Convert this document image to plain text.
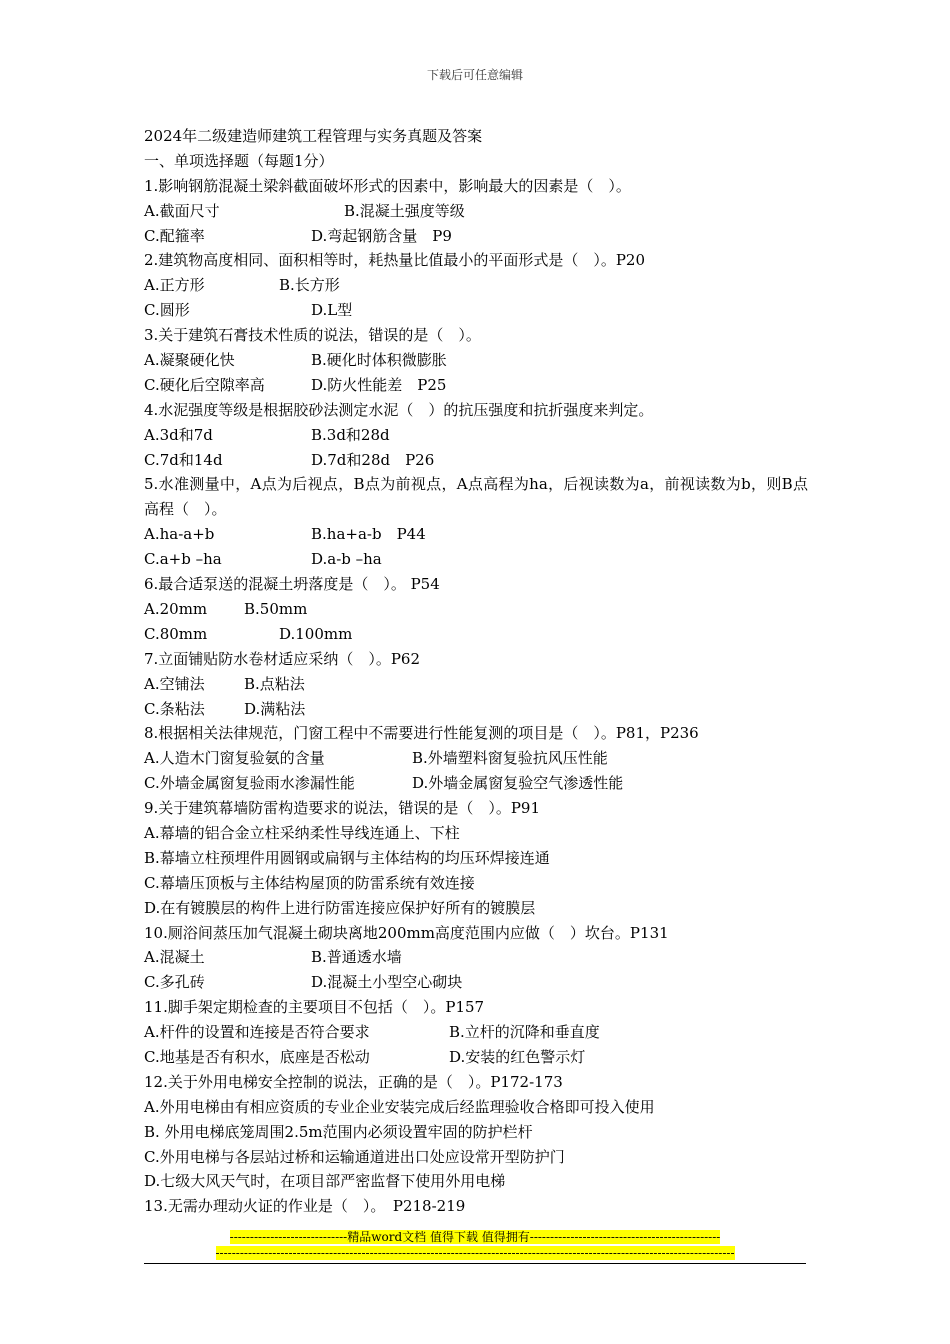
下载后可任意编辑
2024年二级建造师建筑工程管理与实务真题及答案
一、单项选择题（每题1分）
1.影响钢筋混凝土梁斜截面破坏形式的因素中，影响最大的因素是（　）。
A.截面尺寸	B.混凝土强度等级
C.配箍率	D.弯起钢筋含量　P9
2.建筑物高度相同、面积相等时，耗热量比值最小的平面形式是（　）。P20
A.正方形	B.长方形
C.圆形	D.L型
3.关于建筑石膏技术性质的说法，错误的是（　）。
A.凝聚硬化快	B.硬化时体积微膨胀
C.硬化后空隙率高	D.防火性能差　P25
4.水泥强度等级是根据胶砂法测定水泥（　）的抗压强度和抗折强度来判定。
A.3d和7d	B.3d和28d
C.7d和14d	D.7d和28d　P26
5.水准测量中，A点为后视点，B点为前视点，A点高程为ha，后视读数为a，前视读数为b，则B点高程（　）。
A.ha-a+b	B.ha+a-b　P44
C.a+b –ha	D.a-b –ha
6.最合适泵送的混凝土坍落度是（　）。 P54
A.20mm B.50mm
C.80mm	D.100mm
7.立面铺贴防水卷材适应采纳（　）。P62
A.空铺法	B.点粘法
C.条粘法	D.满粘法
8.根据相关法律规范，门窗工程中不需要进行性能复测的项目是（　）。P81，P236
A.人造木门窗复验氨的含量	B.外墙塑料窗复验抗风压性能
C.外墙金属窗复验雨水渗漏性能	D.外墙金属窗复验空气渗透性能
9.关于建筑幕墙防雷构造要求的说法，错误的是（　）。P91
A.幕墙的铝合金立柱采纳柔性导线连通上、下柱
B.幕墙立柱预埋件用圆钢或扁钢与主体结构的均压环焊接连通
C.幕墙压顶板与主体结构屋顶的防雷系统有效连接
D.在有镀膜层的构件上进行防雷连接应保护好所有的镀膜层
10.厕浴间蒸压加气混凝土砌块离地200mm高度范围内应做（　）坎台。P131
A.混凝土	B.普通透水墙
C.多孔砖	D.混凝土小型空心砌块
11.脚手架定期检查的主要项目不包括（　）。P157
A.杆件的设置和连接是否符合要求	B.立杆的沉降和垂直度
C.地基是否有积水，底座是否松动	D.安装的红色警示灯
12.关于外用电梯安全控制的说法，正确的是（　）。P172-173
A.外用电梯由有相应资质的专业企业安装完成后经监理验收合格即可投入使用
B. 外用电梯底笼周围2.5m范围内必须设置牢固的防护栏杆
C.外用电梯与各层站过桥和运输通道进出口处应设常开型防护门
D.七级大风天气时，在项目部严密监督下使用外用电梯
13.无需办理动火证的作业是（　）。　P218-219
-----------------------------精品word文档 值得下载 值得拥有-----------------------------------------------
--------------------------------------------------------------------------------------------------------------------------------
